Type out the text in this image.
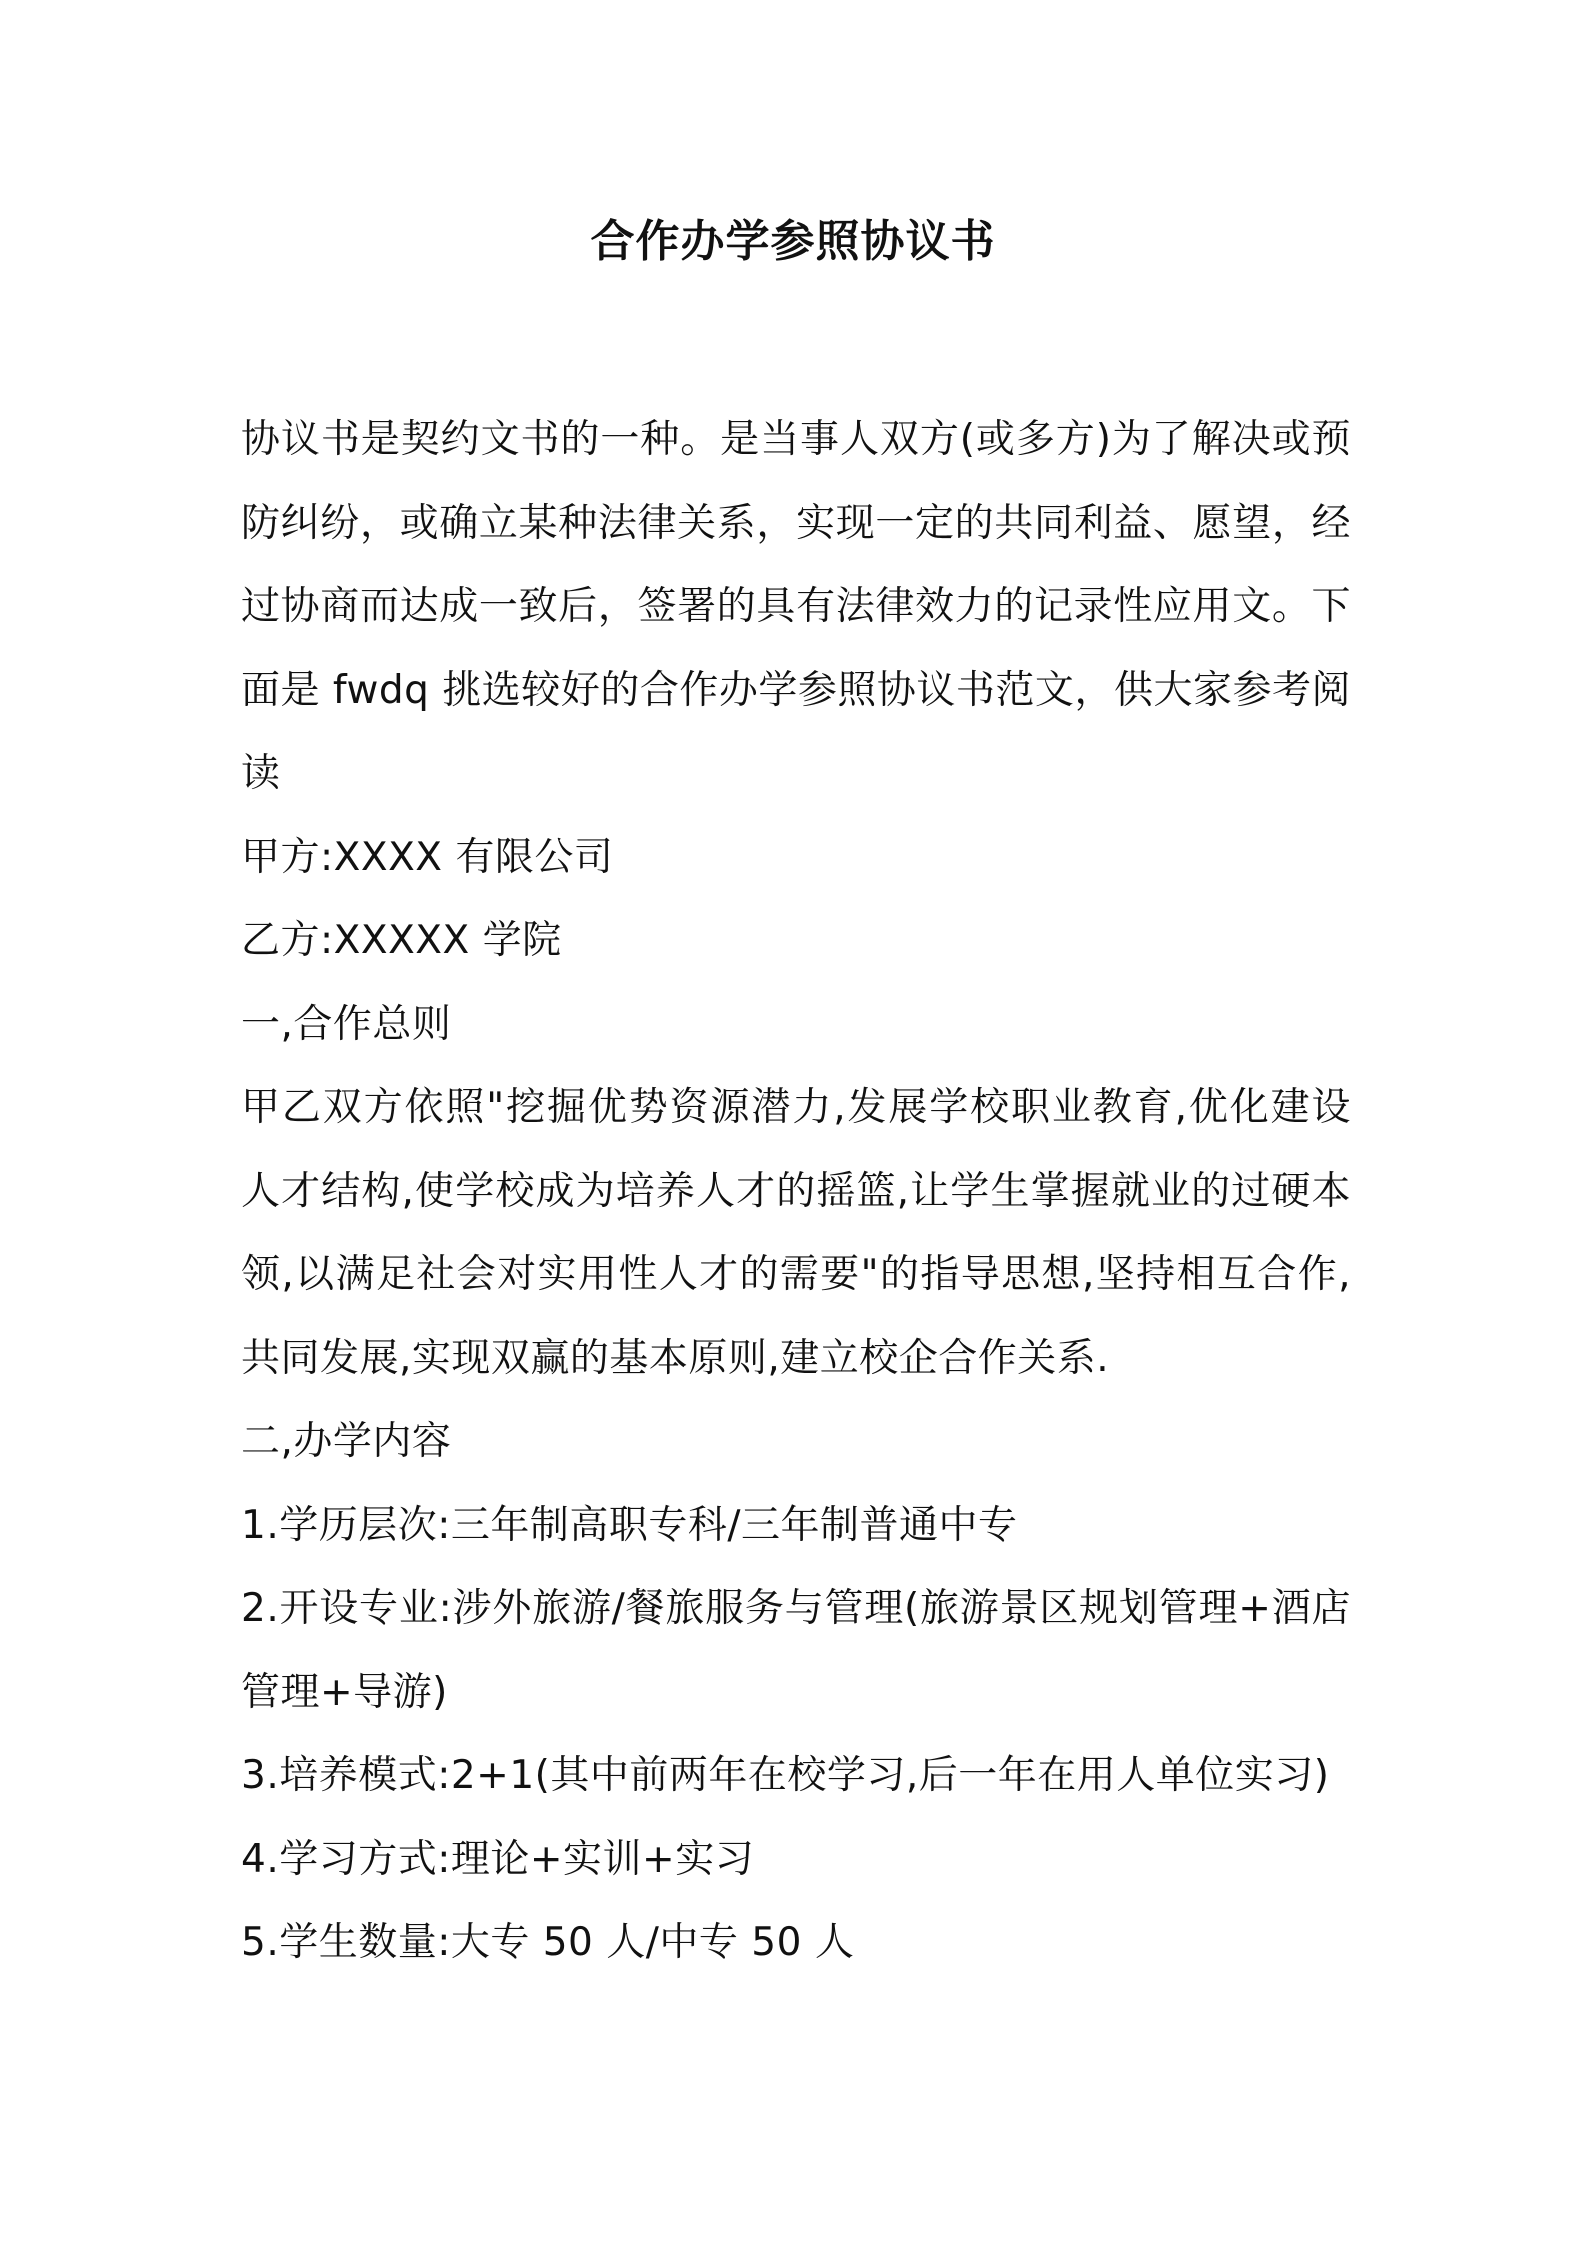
合作办学参照协议书

协议书是契约文书的一种。是当事人双方(或多方)为了解决或预防纠纷，或确立某种法律关系，实现一定的共同利益、愿望，经过协商而达成一致后，签署的具有法律效力的记录性应用文。下面是 fwdq 挑选较好的合作办学参照协议书范文，供大家参考阅读

甲方:XXXX 有限公司

乙方:XXXXX 学院

一,合作总则

甲乙双方依照"挖掘优势资源潜力,发展学校职业教育,优化建设人才结构,使学校成为培养人才的摇篮,让学生掌握就业的过硬本领,以满足社会对实用性人才的需要"的指导思想,坚持相互合作,共同发展,实现双赢的基本原则,建立校企合作关系.

二,办学内容

1.学历层次:三年制高职专科/三年制普通中专

2.开设专业:涉外旅游/餐旅服务与管理(旅游景区规划管理+酒店管理+导游)

3.培养模式:2+1(其中前两年在校学习,后一年在用人单位实习)

4.学习方式:理论+实训+实习

5.学生数量:大专 50 人/中专 50 人
